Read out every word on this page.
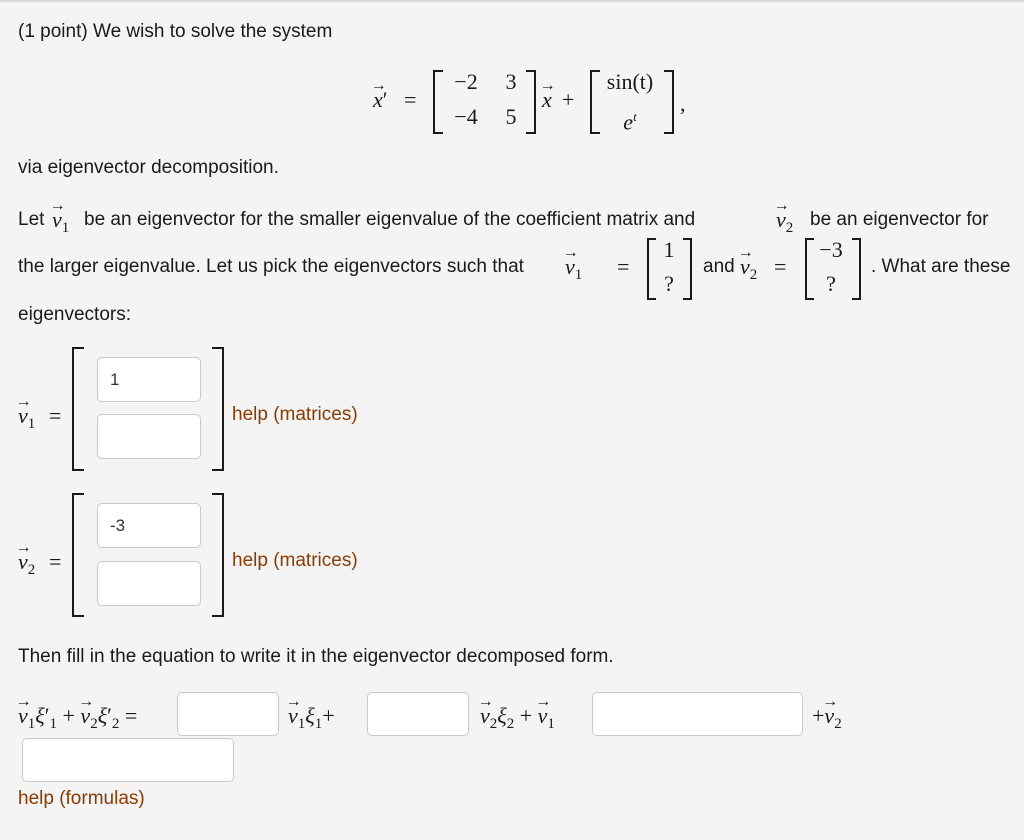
(1 point) We wish to solve the system
→ x′ =
−2	3
−4	5
→ x +
sin(t)
$e^t$
,
via eigenvector decomposition.
Let → $v_1$ be an eigenvector for the smaller eigenvalue of the coefficient matrix and	→ $v_2$ be an eigenvector for
the larger eigenvalue. Let us pick the eigenvectors such that → $v_1$ =
1
?
and → $v_2$ =
−3
?
. What are these
eigenvectors:
→ $v_1$ =
1	help (matrices)
→ $v_2$ =
-3	help (matrices)
Then fill in the equation to write it in the eigenvector decomposed form.
→ $v_1\xi'_1$ + → $v_2\xi'_2$ =	→ $v_1\xi_1+$	→ $v_2\xi_2$ + → $v_1$	+→ $v_2$
help (formulas)
